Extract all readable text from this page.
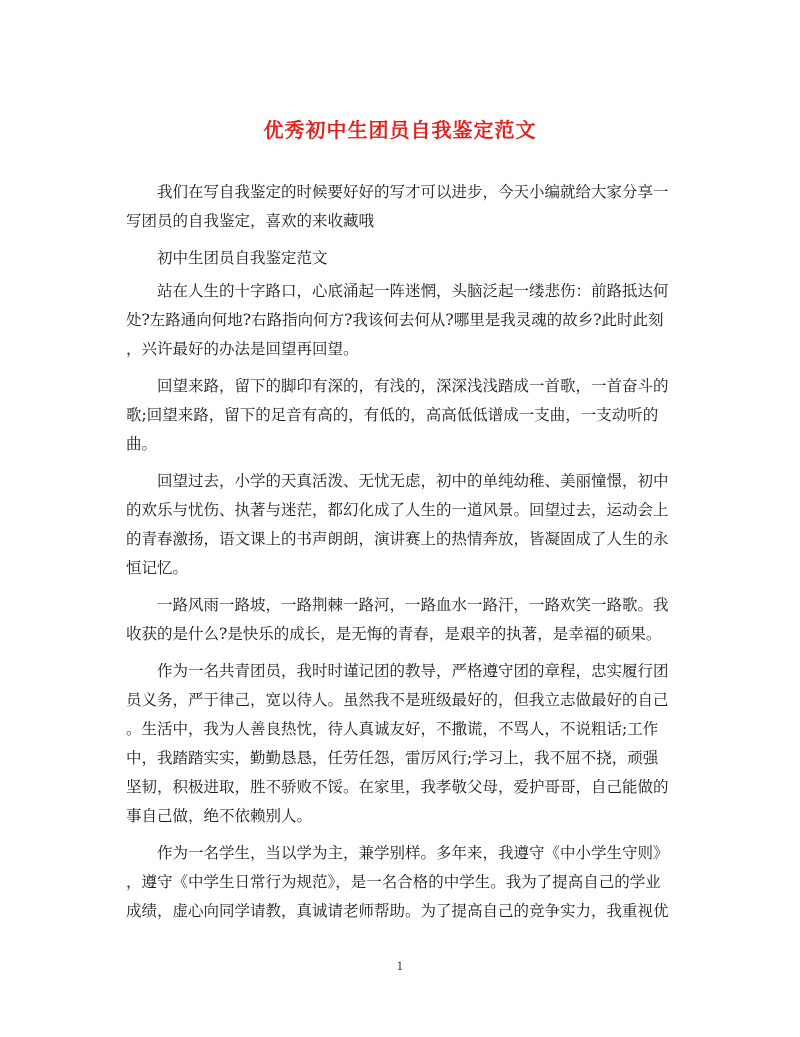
优秀初中生团员自我鉴定范文

我们在写自我鉴定的时候要好好的写才可以进步，今天小编就给大家分享一
写团员的自我鉴定，喜欢的来收藏哦

初中生团员自我鉴定范文

站在人生的十字路口，心底涌起一阵迷惘，头脑泛起一缕悲伤：前路抵达何
处?左路通向何地?右路指向何方?我该何去何从?哪里是我灵魂的故乡?此时此刻
，兴许最好的办法是回望再回望。

回望来路，留下的脚印有深的，有浅的，深深浅浅踏成一首歌，一首奋斗的
歌;回望来路，留下的足音有高的，有低的，高高低低谱成一支曲，一支动听的
曲。

回望过去，小学的天真活泼、无忧无虑，初中的单纯幼稚、美丽憧憬，初中
的欢乐与忧伤、执著与迷茫，都幻化成了人生的一道风景。回望过去，运动会上
的青春激扬，语文课上的书声朗朗，演讲赛上的热情奔放，皆凝固成了人生的永
恒记忆。

一路风雨一路坡，一路荆棘一路河，一路血水一路汗，一路欢笑一路歌。我
收获的是什么?是快乐的成长，是无悔的青春，是艰辛的执著，是幸福的硕果。

作为一名共青团员，我时时谨记团的教导，严格遵守团的章程，忠实履行团
员义务，严于律己，宽以待人。虽然我不是班级最好的，但我立志做最好的自己
。生活中，我为人善良热忱，待人真诚友好，不撒谎，不骂人，不说粗话;工作
中，我踏踏实实，勤勤恳恳，任劳任怨，雷厉风行;学习上，我不屈不挠，顽强
坚韧，积极进取，胜不骄败不馁。在家里，我孝敬父母，爱护哥哥，自己能做的
事自己做，绝不依赖别人。

作为一名学生，当以学为主，兼学别样。多年来，我遵守《中小学生守则》
，遵守《中学生日常行为规范》，是一名合格的中学生。我为了提高自己的学业
成绩，虚心向同学请教，真诚请老师帮助。为了提高自己的竞争实力，我重视优

1
